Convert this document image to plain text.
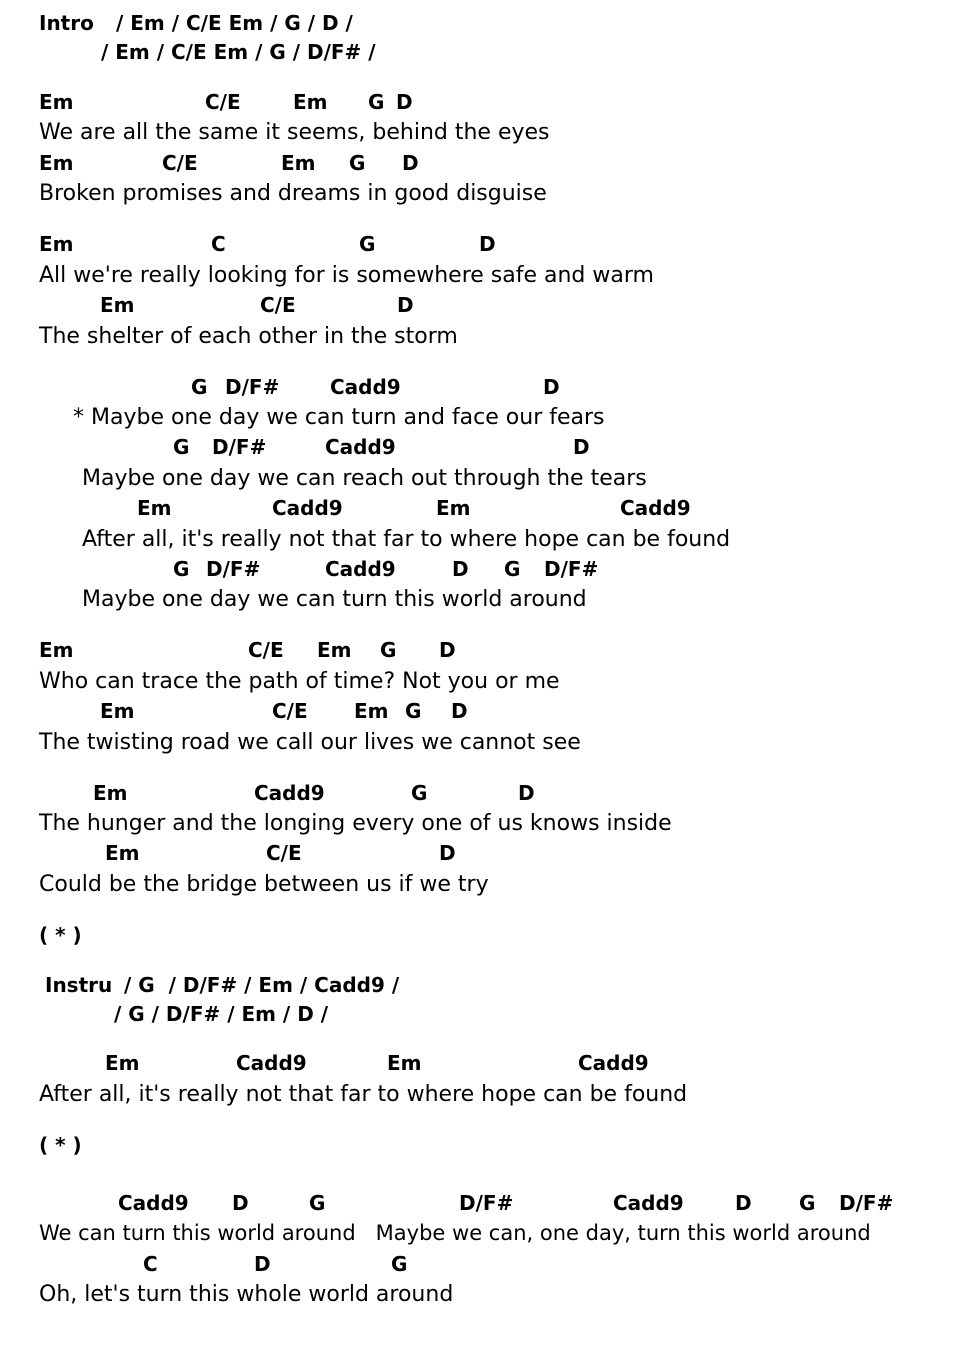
Intro / Em / C/E Em / G / D /
/ Em / C/E Em / G / D/F# /
Em	C/E	Em G D
We are all the same it seems, behind the eyes
Em	C/E	Em G D
Broken promises and dreams in good disguise
Em	C	G	D
All we're really looking for is somewhere safe and warm
Em	C/E	D
The shelter of each other in the storm
G D/F#	Cadd9	D
* Maybe one day we can turn and face our fears
G D/F#	Cadd9	D
Maybe one day we can reach out through the tears
Em	Cadd9	Em	Cadd9
After all, it's really not that far to where hope can be found
G D/F#	Cadd9	D G D/F#
Maybe one day we can turn this world around
Em	C/E Em G D
Who can trace the path of time? Not you or me
Em	C/E Em G D
The twisting road we call our lives we cannot see
Em	Cadd9	G	D
The hunger and the longing every one of us knows inside
Em	C/E	D
Could be the bridge between us if we try
( * )
Instru / G  / D/F# / Em / Cadd9 /
/ G / D/F# / Em / D /
Em	Cadd9	Em	Cadd9
After all, it's really not that far to where hope can be found
( * )
Cadd9 D	G	D/F#	Cadd9	D G D/F#
We can turn this world around   Maybe we can, one day, turn this world around
C	D	G
Oh, let's turn this whole world around
